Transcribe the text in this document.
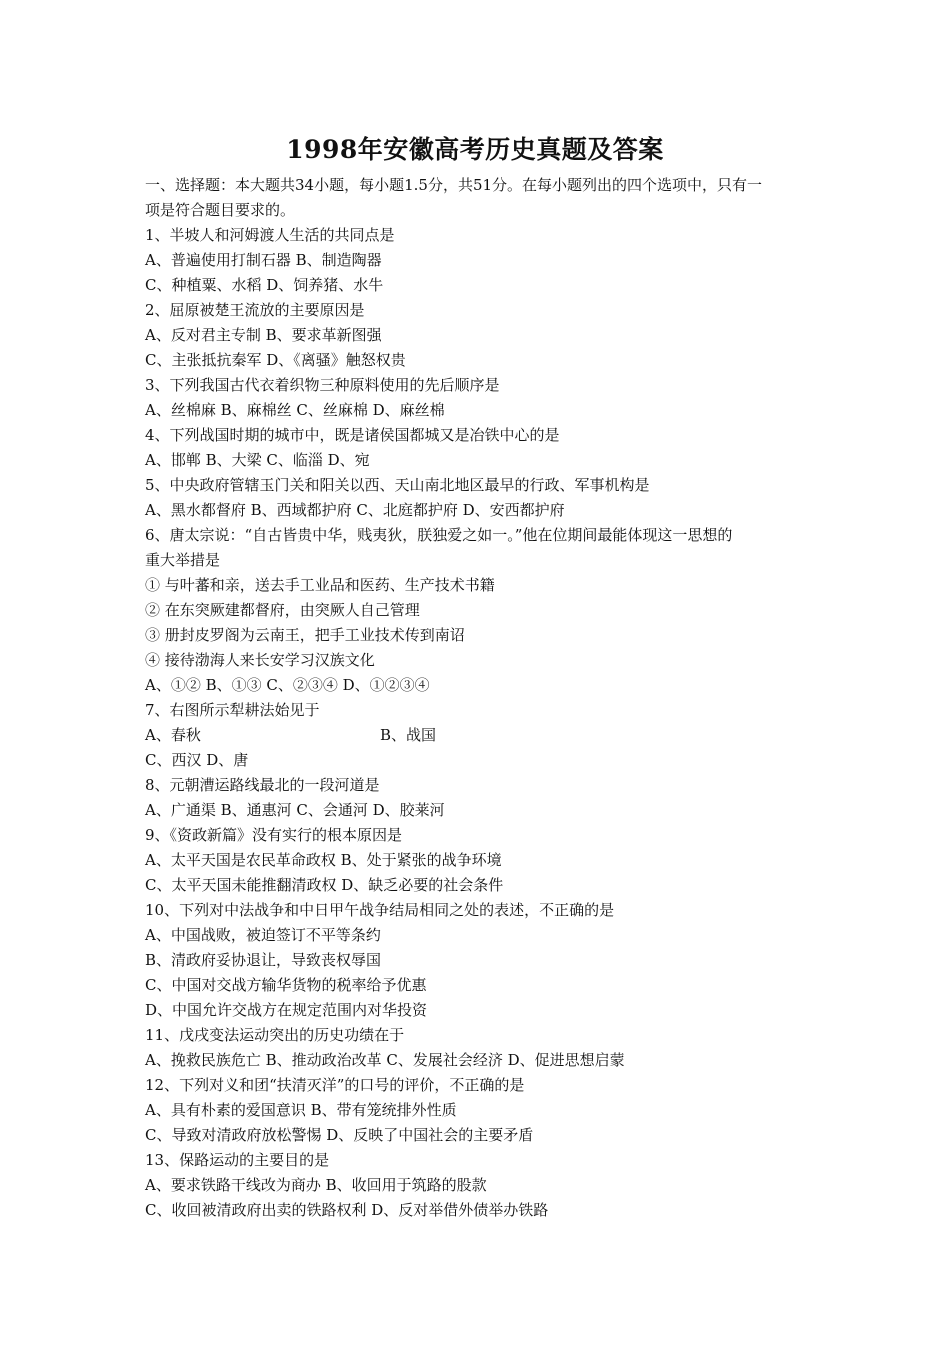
1998年安徽高考历史真题及答案
一、选择题：本大题共34小题，每小题1.5分，共51分。在每小题列出的四个选项中，只有一
项是符合题目要求的。
1、半坡人和河姆渡人生活的共同点是
A、普遍使用打制石器 B、制造陶器
C、种植粟、水稻 D、饲养猪、水牛
2、屈原被楚王流放的主要原因是
A、反对君主专制 B、要求革新图强
C、主张抵抗秦军 D、《离骚》触怒权贵
3、下列我国古代衣着织物三种原料使用的先后顺序是
A、丝棉麻 B、麻棉丝 C、丝麻棉 D、麻丝棉
4、下列战国时期的城市中，既是诸侯国都城又是冶铁中心的是
A、邯郸 B、大梁 C、临淄 D、宛
5、中央政府管辖玉门关和阳关以西、天山南北地区最早的行政、军事机构是
A、黑水都督府 B、西域都护府 C、北庭都护府 D、安西都护府
6、唐太宗说：“自古皆贵中华，贱夷狄，朕独爱之如一。”他在位期间最能体现这一思想的
重大举措是
① 与叶蕃和亲，送去手工业品和医药、生产技术书籍
② 在东突厥建都督府，由突厥人自己管理
③ 册封皮罗阁为云南王，把手工业技术传到南诏
④ 接待渤海人来长安学习汉族文化
A、①② B、①③ C、②③④ D、①②③④
7、右图所示犁耕法始见于
A、春秋	B、战国
C、西汉 D、唐
8、元朝漕运路线最北的一段河道是
A、广通渠 B、通惠河 C、会通河 D、胶莱河
9、《资政新篇》没有实行的根本原因是
A、太平天国是农民革命政权 B、处于紧张的战争环境
C、太平天国未能推翻清政权 D、缺乏必要的社会条件
10、下列对中法战争和中日甲午战争结局相同之处的表述，不正确的是
A、中国战败，被迫签订不平等条约
B、清政府妥协退让，导致丧权辱国
C、中国对交战方输华货物的税率给予优惠
D、中国允许交战方在规定范围内对华投资
11、戊戌变法运动突出的历史功绩在于
A、挽救民族危亡 B、推动政治改革 C、发展社会经济 D、促进思想启蒙
12、下列对义和团“扶清灭洋”的口号的评价，不正确的是
A、具有朴素的爱国意识 B、带有笼统排外性质
C、导致对清政府放松警惕 D、反映了中国社会的主要矛盾
13、保路运动的主要目的是
A、要求铁路干线改为商办 B、收回用于筑路的股款
C、收回被清政府出卖的铁路权利 D、反对举借外债举办铁路
